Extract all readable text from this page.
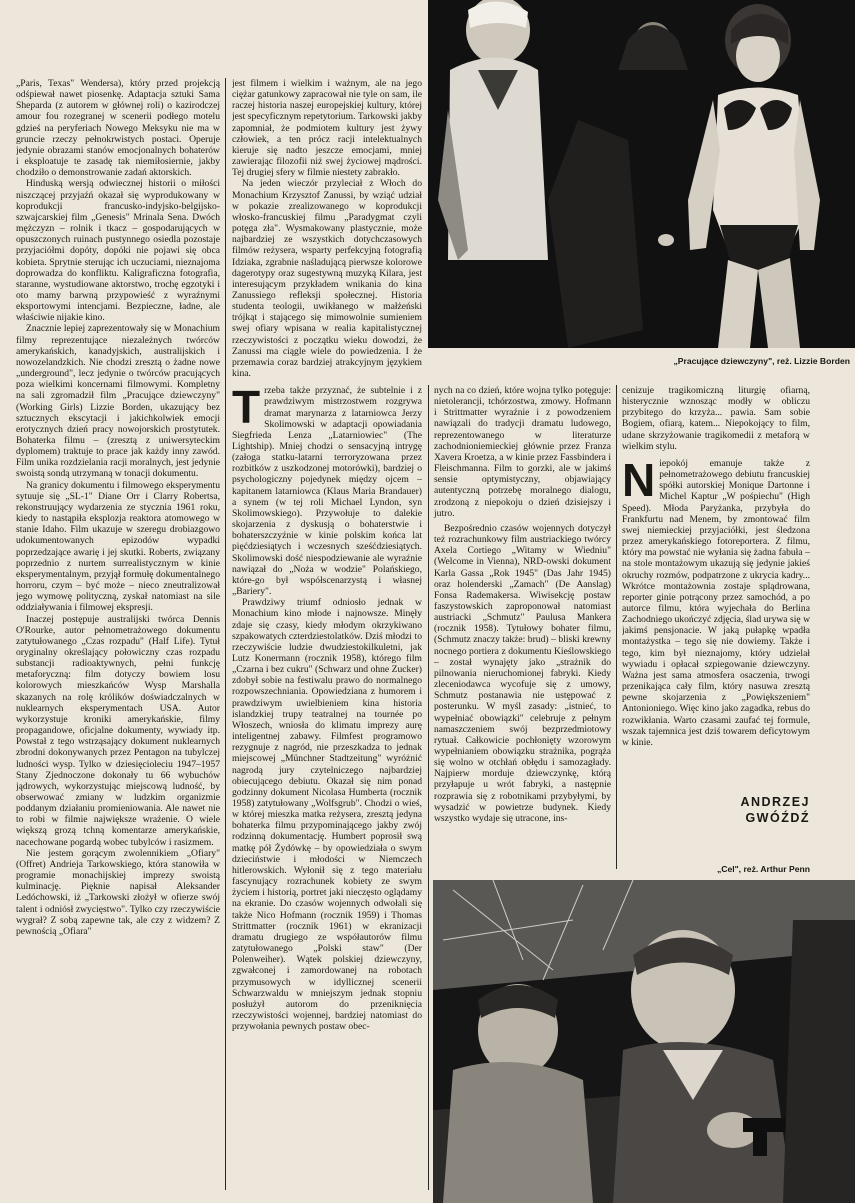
„Paris, Texas" Wendersa), który przed projekcją odśpiewał nawet piosenkę. Adaptacja sztuki Sama Sheparda (z autorem w głównej roli) o kazirodczej amour fou rozegranej w scenerii podłego motelu gdzieś na peryferiach Nowego Meksyku nie ma w gruncie rzeczy pełnokrwistych postaci. Operuje jedynie obrazami stanów emocjonalnych bohaterów i eksploatuje te zasadę tak niemiłosiernie, jakby chodziło o demonstrowanie zadań aktorskich.

Hinduską wersją odwiecznej historii o miłości niszczącej przyjaźń okazał się wyprodukowany w koprodukcji francusko-indyjsko-belgijsko-szwajcarskiej film „Genesis" Mrinala Sena. Dwóch mężczyzn – rolnik i tkacz – gospodarujących w opuszczonych ruinach pustynnego osiedla pozostaje przyjaciółmi dopóty, dopóki nie pojawi się obca kobieta. Sprytnie sterując ich uczuciami, nieznajoma doprowadza do konfliktu. Kaligraficzna fotografia, staranne, wystudiowane aktorstwo, trochę egzotyki i oto mamy barwną przypowieść z wyraźnymi eksportowymi intencjami. Bezpieczne, ładne, ale właściwie nijakie kino.

Znacznie lepiej zaprezentowały się w Monachium filmy reprezentujące niezależnych twórców amerykańskich, kanadyjskich, australijskich i nowozelandzkich. Nie chodzi zresztą o żadne nowe „underground", lecz jedynie o twórców pracujących poza wielkimi koncernami filmowymi. Kompletny na sali zgromadził film „Pracujące dziewczyny" (Working Girls) Lizzie Borden, ukazujący bez sztucznych ekscytacji i jakichkolwiek emocji erotycznych dzień pracy nowojorskich prostytutek. Bohaterka filmu – (zresztą z uniwersyteckim dyplomem) traktuje to prace jak każdy inny zawód. Film unika rozdzielania racji moralnych, jest jedynie swoistą sondą utrzymaną w tonacji dokumentu.

Na granicy dokumentu i filmowego eksperymentu sytuuje się „SL-1" Diane Orr i Clarry Robertsa, rekonstruujący wydarzenia ze stycznia 1961 roku, kiedy to nastąpiła eksplozja reaktora atomowego w stanie Idaho. Film ukazuje w szeregu drobiazgowo udokumentowanych epizodów wypadki poprzedzające awarię i jej skutki. Roberts, związany poprzednio z nurtem surrealistycznym w kinie eksperymentalnym, przyjął formułę dokumentalnego horroru, czym – być może – nieco zneutralizował jego wymowę polityczną, zyskał natomiast na sile oddziaływania i filmowej ekspresji.

Inaczej postępuje australijski twórca Dennis O'Rourke, autor pełnometrażowego dokumentu zatytułowanego „Czas rozpadu" (Half Life). Tytuł oryginalny określający połowiczny czas rozpadu substancji radioaktywnych, pełni funkcję metaforyczną: film dotyczy bowiem losu kolorowych mieszkańców Wysp Marshalla skazanych na rolę królików doświadczalnych w nuklearnych eksperymentach USA. Autor wykorzystuje kroniki amerykańskie, filmy propagandowe, oficjalne dokumenty, wywiady itp. Powstał z tego wstrząsający dokument nuklearnych zbrodni dokonywanych przez Pentagon na tubylczej ludności wysp. Tylko w dziesięcioleciu 1947–1957 Stany Zjednoczone dokonały tu 66 wybuchów jądrowych, wykorzystując miejscową ludność, by obserwować zmiany w ludzkim organizmie poddanym działaniu promieniowania. Ale nawet nie to robi w filmie największe wrażenie. O wiele większą grozą tchną komentarze amerykańskie, nacechowane pogardą wobec tubylców i rasizmem.

Nie jestem gorącym zwolennikiem „Ofiary" (Offret) Andrieja Tarkowskiego, która stanowiła w programie monachijskiej imprezy swoistą kulminację. Pięknie napisał Aleksander Ledóchowski, iż „Tarkowski złożył w ofierze swój talent i odniósł zwycięstwo". Tylko czy rzeczywiście wygrał? Z sobą zapewne tak, ale czy z widzem? Z pewnością „Ofiara"

jest filmem i wielkim i ważnym, ale na jego ciężar gatunkowy zapracował nie tyle on sam, ile raczej historia naszej europejskiej kultury, której jest specyficznym repetytorium. Tarkowski jakby zapomniał, że podmiotem kultury jest żywy człowiek, a ten prócz racji intelektualnych kieruje się nadto jeszcze emocjami, mniej zawierając filozofii niż swej życiowej mądrości. Tej drugiej sfery w filmie niestety zabrakło.

Na jeden wieczór przyleciał z Włoch do Monachium Krzysztof Zanussi, by wziąć udział w pokazie zrealizowanego w koprodukcji włosko-francuskiej filmu „Paradygmat czyli potęga zła". Wysmakowany plastycznie, może najbardziej ze wszystkich dotychczasowych filmów reżysera, wsparty perfekcyjną fotografią Idziaka, zgrabnie naśladującą pierwsze kolorowe dagerotypy oraz sugestywną muzyką Kilara, jest interesującym przykładem wnikania do kina Zanussiego refleksji społecznej. Historia studenta teologii, uwikłanego w małżeński trójkąt i stającego się mimowolnie sumieniem swej ofiary wpisana w realia kapitalistycznej rzeczywistości z początku wieku dowodzi, że Zanussi ma ciągle wiele do powiedzenia. I że przemawia coraz bardziej atrakcyjnym językiem kina.

Trzeba także przyznać, że subtelnie i z prawdziwym mistrzostwem rozgrywa dramat marynarza z latarniowca Jerzy Skolimowski w adaptacji opowiadania Siegfrieda Lenza „Latarniowiec" (The Lightship). Mniej chodzi o sensacyjną intrygę (załoga statku-latarni terroryzowana przez rozbitków z uszkodzonej motorówki), bardziej o psychologiczny pojedynek między ojcem – kapitanem latarniowca (Klaus Maria Brandauer) a synem (w tej roli Michael Lyndon, syn Skolimowskiego). Przywołuje to dalekie skojarzenia z dyskusją o bohaterstwie i bohaterszczyźnie w kinie polskim końca lat pięćdziesiątych i wczesnych sześćdziesiątych. Skolimowski dość niespodziewanie ale wyraźnie nawiązał do „Noża w wodzie" Polańskiego, które-go był współscenarzystą i własnej „Bariery".

Prawdziwy triumf odniosło jednak w Monachium kino młode i najnowsze. Minęły zdaje się czasy, kiedy młodym okrzykiwano szpakowatych czterdziestolatków. Dziś młodzi to rzeczywiście ludzie dwudziestokilkuletni, jak Lutz Konermann (rocznik 1958), którego film „Czarna i bez cukru" (Schwarz und ohne Zucker) zdobył sobie na festiwalu prawo do normalnego rozpowszechniania. Opowiedziana z humorem i prawdziwym uwielbieniem kina historia islandzkiej trupy teatralnej na tournée po Włoszech, wniosła do klimatu imprezy aurę inteligentnej zabawy. Filmfest programowo rezygnuje z nagród, nie przeszkadza to jednak miejscowej „Münchner Stadtzeitung" wyróżnić nagrodą jury czytelniczego najbardziej obiecującego debiutu. Okazał się nim ponad godzinny dokument Nicolasa Humberta (rocznik 1958) zatytułowany „Wolfsgrub". Chodzi o wieś, w której mieszka matka reżysera, zresztą jedyna bohaterka filmu przypominającego jakby zwój rodzinną dokumentację. Humbert poprosił swą matkę pół Żydówkę – by opowiedziała o swym dzieciństwie i młodości w Niemczech hitlerowskich. Wyłonił się z tego materiału fascynujący rozrachunek kobiety ze swym życiem i historią, portret jaki nieczęsto oglądamy na ekranie. Do czasów wojennych odwołali się także Nico Hofmann (rocznik 1959) i Thomas Strittmatter (rocznik 1961) w ekranizacji dramatu drugiego ze współautorów filmu zatytułowanego „Polski staw" (Der Polenweiher). Wątek polskiej dziewczyny, zgwałconej i zamordowanej na robotach przymusowych w idyllicznej scenerii Schwarzwaldu w mniejszym jednak stopniu posłużył autorom do przeniknięcia rzeczywistości wojennej, bardziej natomiast do przywołania pewnych postaw obec-

„Pracujące dziewczyny", reż. Lizzie Borden

nych na co dzień, które wojna tylko potęguje: nietolerancji, tchórzostwa, zmowy. Hofmann i Strittmatter wyraźnie i z powodzeniem nawiązali do tradycji dramatu ludowego, reprezentowanego w literaturze zachodnioniemieckiej głównie przez Franza Xavera Kroetza, a w kinie przez Fassbindera i Fleischmanna. Film to gorzki, ale w jakimś sensie optymistyczny, objawiający autentyczną potrzebę moralnego dialogu, zrodzoną z niepokoju o dzień dzisiejszy i jutro.

Bezpośrednio czasów wojennych dotyczył też rozrachunkowy film austriackiego twórcy Axela Cortiego „Witamy w Wiedniu" (Welcome in Vienna), NRD-owski dokument Karla Gassa „Rok 1945" (Das Jahr 1945) oraz holenderski „Zamach" (De Aanslag) Fonsa Rademakersa. Wiwisekcję postaw faszystowskich zaproponował natomiast austriacki „Schmutz" Paulusa Mankera (rocznik 1958). Tytułowy bohater filmu, (Schmutz znaczy także: brud) – bliski krewny nocnego portiera z dokumentu Kieślowskiego – został wynajęty jako „strażnik do pilnowania nieruchomionej fabryki. Kiedy zleceniodawca wycofuje się z umowy, Schmutz postanawia nie ustępować z posterunku. W myśl zasady: „istnieć, to wypełniać obowiązki" celebruje z pełnym namaszczeniem swój bezprzedmiotowy rytuał. Całkowicie pochłonięty wzorowym wypełnianiem obowiązku strażnika, pogrąża się wolno w otchłań obłędu i samozagłady. Najpierw morduje dziewczynkę, którą przyłapuje u wrót fabryki, a następnie rozprawia się z robotnikami przybyłymi, by wysadzić w powietrze budynek. Kiedy wszystko wydaje się utracone, ins-

cenizuje tragikomiczną liturgię ofiarną, histerycznie wznosząc modły w obliczu przybitego do krzyża... pawia. Sam sobie Bogiem, ofiarą, katem... Niepokojący to film, udane skrzyżowanie tragikomedii z metaforą w wielkim stylu.

Niepokój emanuje także z pełnometrażowego debiutu francuskiej spółki autorskiej Monique Dartonne i Michel Kaptur „W pośpiechu" (High Speed). Młoda Paryżanka, przybyła do Frankfurtu nad Menem, by zmontować film swej niemieckiej przyjaciółki, jest śledzona przez amerykańskiego fotoreportera. Z filmu, który ma powstać nie wyłania się żadna fabuła – na stole montażowym ukazują się jedynie jakieś okruchy rozmów, podpatrzone z ukrycia kadry... Wkrótce montażownia zostaje splądrowana, reporter ginie potrącony przez samochód, a po autorce filmu, która wyjechała do Berlina Zachodniego ukończyć zdjęcia, ślad urywa się w jakimś pensjonacie. W jaką pułapkę wpadła montażystka – tego się nie dowiemy. Także i tego, kim był nieznajomy, który udzielał wywiadu i opłacał szpiegowanie dziewczyny. Ważna jest sama atmosfera osaczenia, trwogi przenikająca cały film, który nasuwa zresztą pewne skojarzenia z „Powiększeniem" Antonioniego. Więc kino jako zagadka, rebus do rozwikłania. Warto czasami zaufać tej formule, wszak tajemnica jest dziś towarem deficytowym w kinie.

ANDRZEJ
GWÓŹDŹ
„Cel", reż. Arthur Penn
